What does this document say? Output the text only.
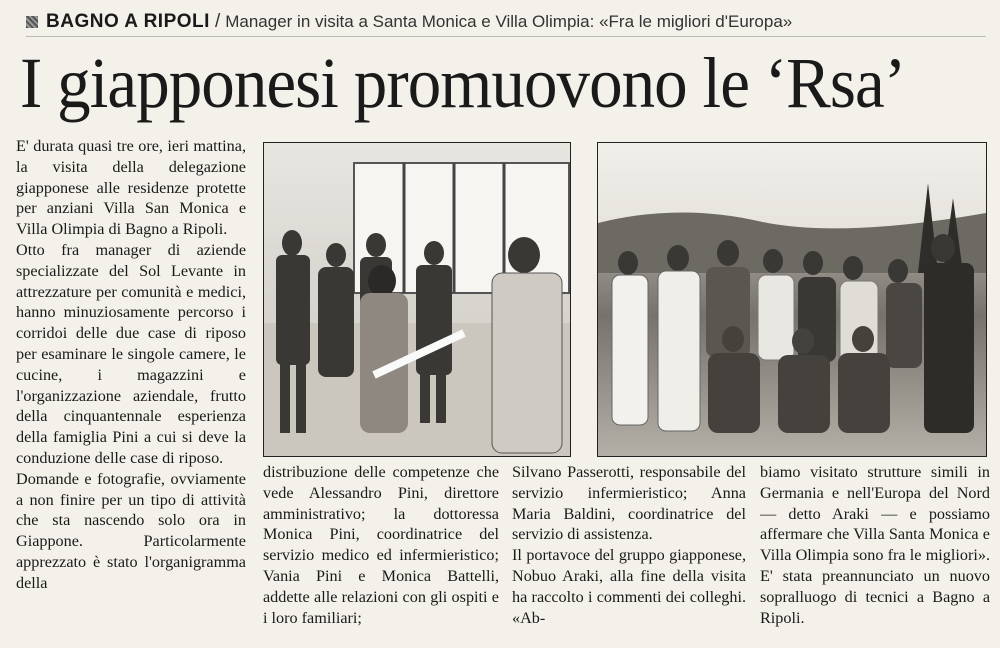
BAGNO A RIPOLI / Manager in visita a Santa Monica e Villa Olimpia: «Fra le migliori d'Europa»
I giapponesi promuovono le ‘Rsa’

E' durata quasi tre ore, ieri mattina, la visita della delegazione giapponese alle residenze protette per anziani Villa San Monica e Villa Olimpia di Bagno a Ripoli.

Otto fra manager di aziende specializzate del Sol Levante in attrezzature per comunità e medici, hanno minuziosamente percorso i corridoi delle due case di riposo per esaminare le singole camere, le cucine, i magazzini e l'organizzazione aziendale, frutto della cinquantennale esperienza della famiglia Pini a cui si deve la conduzione delle case di riposo.

Domande e fotografie, ovviamente a non finire per un tipo di attività che sta nascendo solo ora in Giappone. Particolarmente apprezzato è stato l'organigramma della

distribuzione delle competenze che vede Alessandro Pini, direttore amministrativo; la dottoressa Monica Pini, coordinatrice del servizio medico ed infermieristico; Vania Pini e Monica Battelli, addette alle relazioni con gli ospiti e i loro familiari;

Silvano Passerotti, responsabile del servizio infermieristico; Anna Maria Baldini, coordinatrice del servizio di assistenza.

Il portavoce del gruppo giapponese, Nobuo Araki, alla fine della visita ha raccolto i commenti dei colleghi. «Ab-

biamo visitato strutture simili in Germania e nell'Europa del Nord — detto Araki — e possiamo affermare che Villa Santa Monica e Villa Olimpia sono fra le migliori». E' stata preannunciato un nuovo sopralluogo di tecnici a Bagno a Ripoli.
